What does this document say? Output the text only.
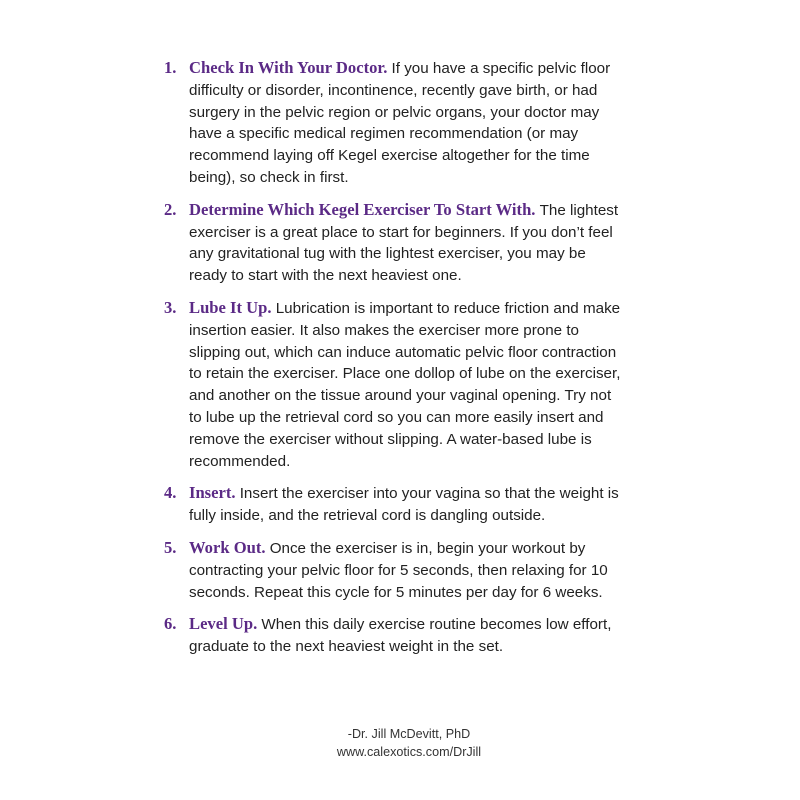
1. Check In With Your Doctor. If you have a specific pelvic floor difficulty or disorder, incontinence, recently gave birth, or had surgery in the pelvic region or pelvic organs, your doctor may have a specific medical regimen recommendation (or may recommend laying off Kegel exercise altogether for the time being), so check in first.
2. Determine Which Kegel Exerciser To Start With. The lightest exerciser is a great place to start for beginners. If you don’t feel any gravitational tug with the lightest exerciser, you may be ready to start with the next heaviest one.
3. Lube It Up. Lubrication is important to reduce friction and make insertion easier. It also makes the exerciser more prone to slipping out, which can induce automatic pelvic floor contraction to retain the exerciser. Place one dollop of lube on the exerciser, and another on the tissue around your vaginal opening. Try not to lube up the retrieval cord so you can more easily insert and remove the exerciser without slipping. A water-based lube is recommended.
4. Insert. Insert the exerciser into your vagina so that the weight is fully inside, and the retrieval cord is dangling outside.
5. Work Out. Once the exerciser is in, begin your workout by contracting your pelvic floor for 5 seconds, then relaxing for 10 seconds. Repeat this cycle for 5 minutes per day for 6 weeks.
6. Level Up. When this daily exercise routine becomes low effort, graduate to the next heaviest weight in the set.
-Dr. Jill McDevitt, PhD
www.calexotics.com/DrJill
